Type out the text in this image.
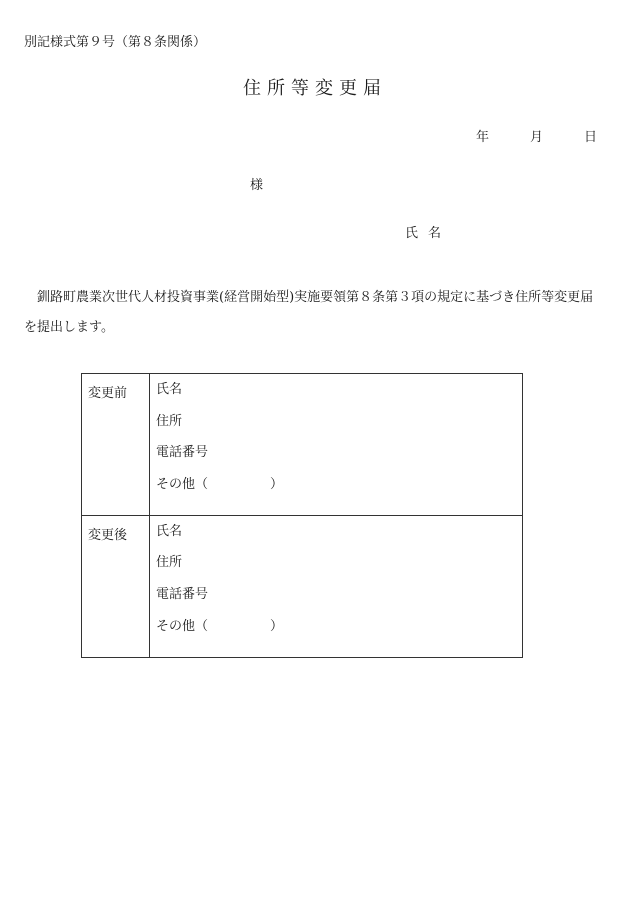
別記様式第９号（第８条関係）
住所等変更届
年	月	日
様
氏名
釧路町農業次世代人材投資事業(経営開始型)実施要領第８条第３項の規定に基づき住所等変更届を提出します。
変更前	氏名
住所
電話番号
その他（ ）

変更後	氏名
住所
電話番号
その他（ ）
